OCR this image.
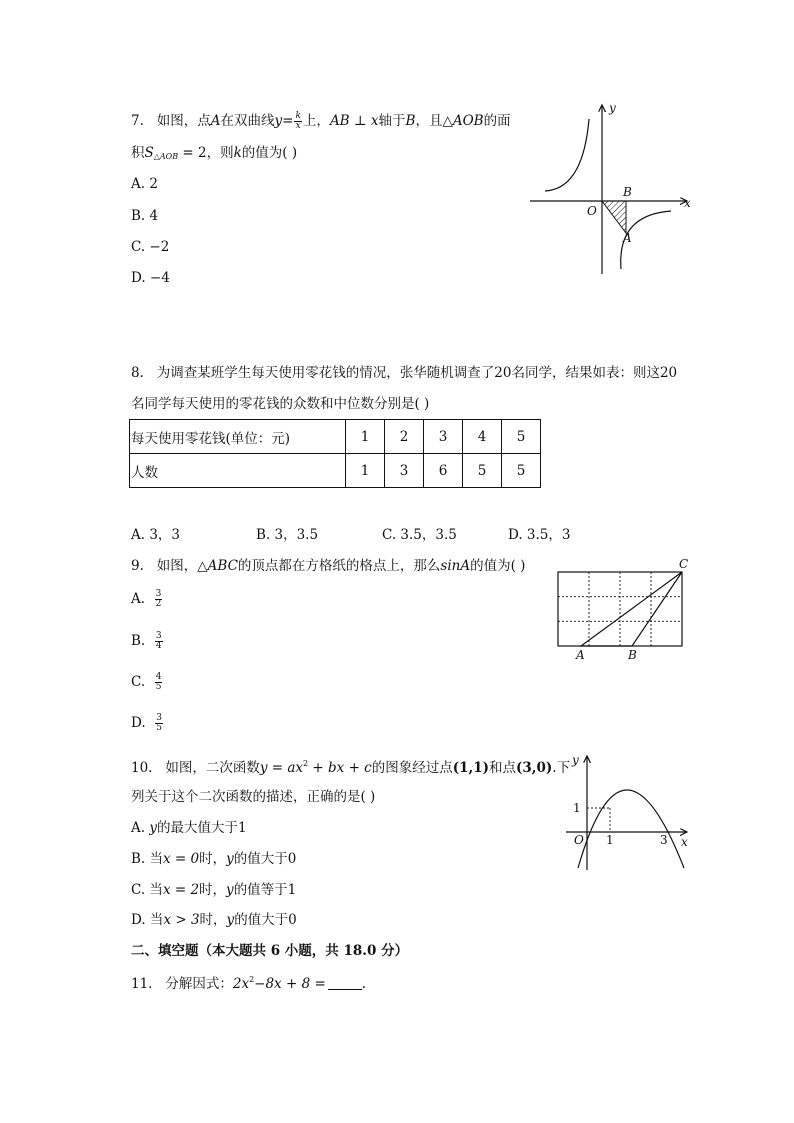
7. 如图，点A在双曲线$y= \frac{k}{x}$ 上，AB ⊥ x轴于B，且△AOB的面
积$S_{\triangle AOB} = 2$，则k的值为( )
A. 2
B. 4
C. −2
D. −4
y
x
O
B
A
8. 为调查某班学生每天使用零花钱的情况，张华随机调查了20名同学，结果如表：则这20
名同学每天使用的零花钱的众数和中位数分别是( )
每天使用零花钱(单位：元)	1	2	3	4	5
人数	1	3	6	5	5
A. 3，3	B. 3，3.5	C. 3.5，3.5	D. 3.5，3
9. 如图，△ABC的顶点都在方格纸的格点上，那么sinA的值为( )
A. $\frac{3}{2}$
B. $\frac{3}{4}$
C. $\frac{4}{5}$
D. $\frac{3}{5}$
A	B
C
10. 如图，二次函数$y = ax^2$ + bx + c的图象经过点(1,1)和点(3,0).下
列关于这个二次函数的描述，正确的是( )
A. y的最大值大于1
B. 当x = 0时，y的值大于0
C. 当x = 2时，y的值等于1
D. 当x > 3时，y的值大于0
y
1
O 1	3 x
二、填空题（本大题共 6 小题，共 18.0 分）
11. 分解因式：$2x^2-8x + 8$ =	.
